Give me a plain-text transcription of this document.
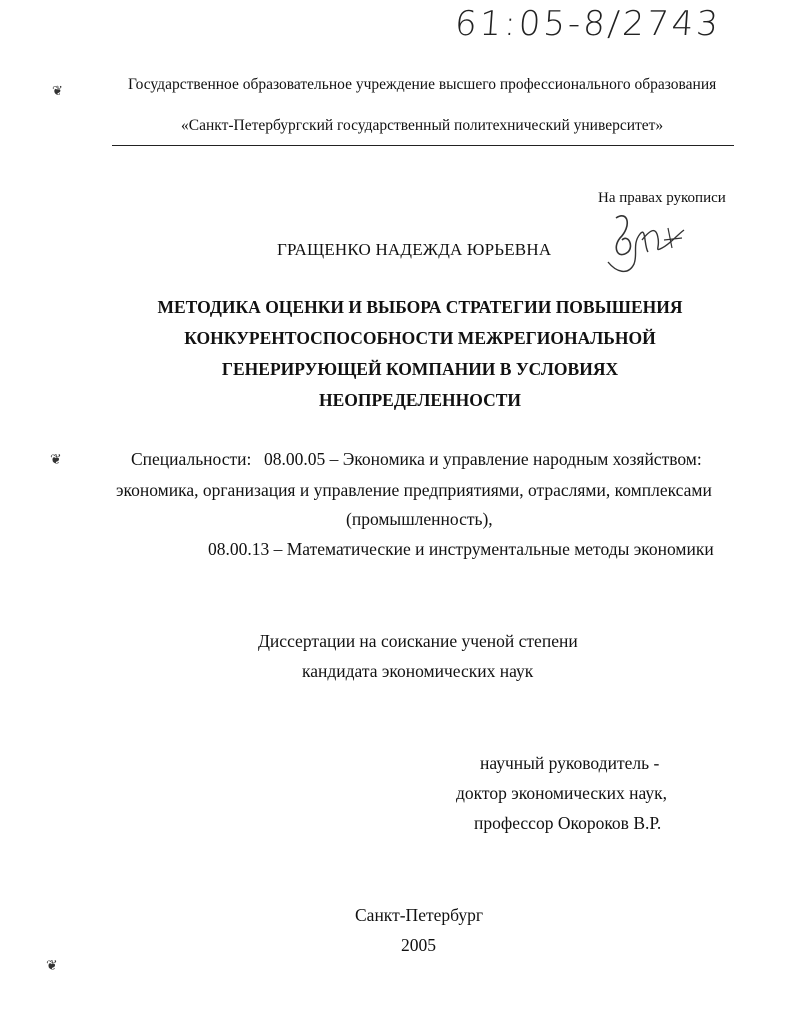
61:05-8/2743
❦
❦
❦
Государственное образовательное учреждение высшего профессионального образования
«Санкт-Петербургский государственный политехнический университет»
На правах рукописи
ГРАЩЕНКО НАДЕЖДА ЮРЬЕВНА
МЕТОДИКА ОЦЕНКИ И ВЫБОРА СТРАТЕГИИ ПОВЫШЕНИЯ
КОНКУРЕНТОСПОСОБНОСТИ МЕЖРЕГИОНАЛЬНОЙ
ГЕНЕРИРУЮЩЕЙ КОМПАНИИ В УСЛОВИЯХ
НЕОПРЕДЕЛЕННОСТИ
Специальности: 08.00.05 – Экономика и управление народным хозяйством:
экономика, организация и управление предприятиями, отраслями, комплексами
(промышленность),
08.00.13 – Математические и инструментальные методы экономики
Диссертации на соискание ученой степени
кандидата экономических наук
научный руководитель -
доктор экономических наук,
профессор Окороков В.Р.
Санкт-Петербург
2005
